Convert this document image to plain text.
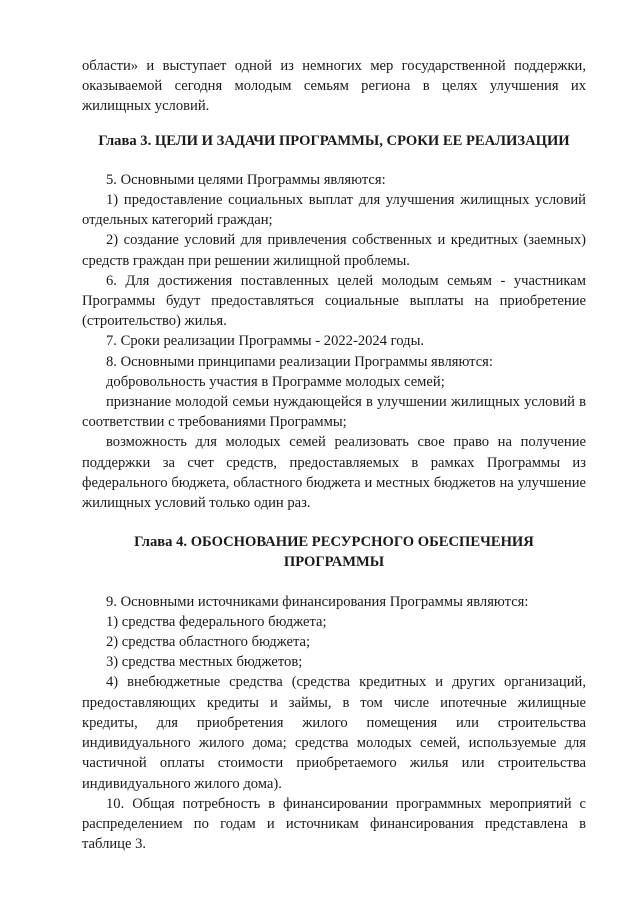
области» и выступает одной из немногих мер государственной поддержки, оказываемой сегодня молодым семьям региона в целях улучшения их жилищных условий.

Глава 3. ЦЕЛИ И ЗАДАЧИ ПРОГРАММЫ, СРОКИ ЕЕ РЕАЛИЗАЦИИ

5. Основными целями Программы являются:

1) предоставление социальных выплат для улучшения жилищных условий отдельных категорий граждан;

2) создание условий для привлечения собственных и кредитных (заемных) средств граждан при решении жилищной проблемы.

6. Для достижения поставленных целей молодым семьям - участникам Программы будут предоставляться социальные выплаты на приобретение (строительство) жилья.

7. Сроки реализации Программы - 2022-2024 годы.

8. Основными принципами реализации Программы являются:

добровольность участия в Программе молодых семей;

признание молодой семьи нуждающейся в улучшении жилищных условий в соответствии с требованиями Программы;

возможность для молодых семей реализовать свое право на получение поддержки за счет средств, предоставляемых в рамках Программы из федерального бюджета, областного бюджета и местных бюджетов на улучшение жилищных условий только один раз.

Глава 4. ОБОСНОВАНИЕ РЕСУРСНОГО ОБЕСПЕЧЕНИЯ
ПРОГРАММЫ

9. Основными источниками финансирования Программы являются:

1) средства федерального бюджета;

2) средства областного бюджета;

3) средства местных бюджетов;

4) внебюджетные средства (средства кредитных и других организаций, предоставляющих кредиты и займы, в том числе ипотечные жилищные кредиты, для приобретения жилого помещения или строительства индивидуального жилого дома; средства молодых семей, используемые для частичной оплаты стоимости приобретаемого жилья или строительства индивидуального жилого дома).

10. Общая потребность в финансировании программных мероприятий с распределением по годам и источникам финансирования представлена в таблице 3.
